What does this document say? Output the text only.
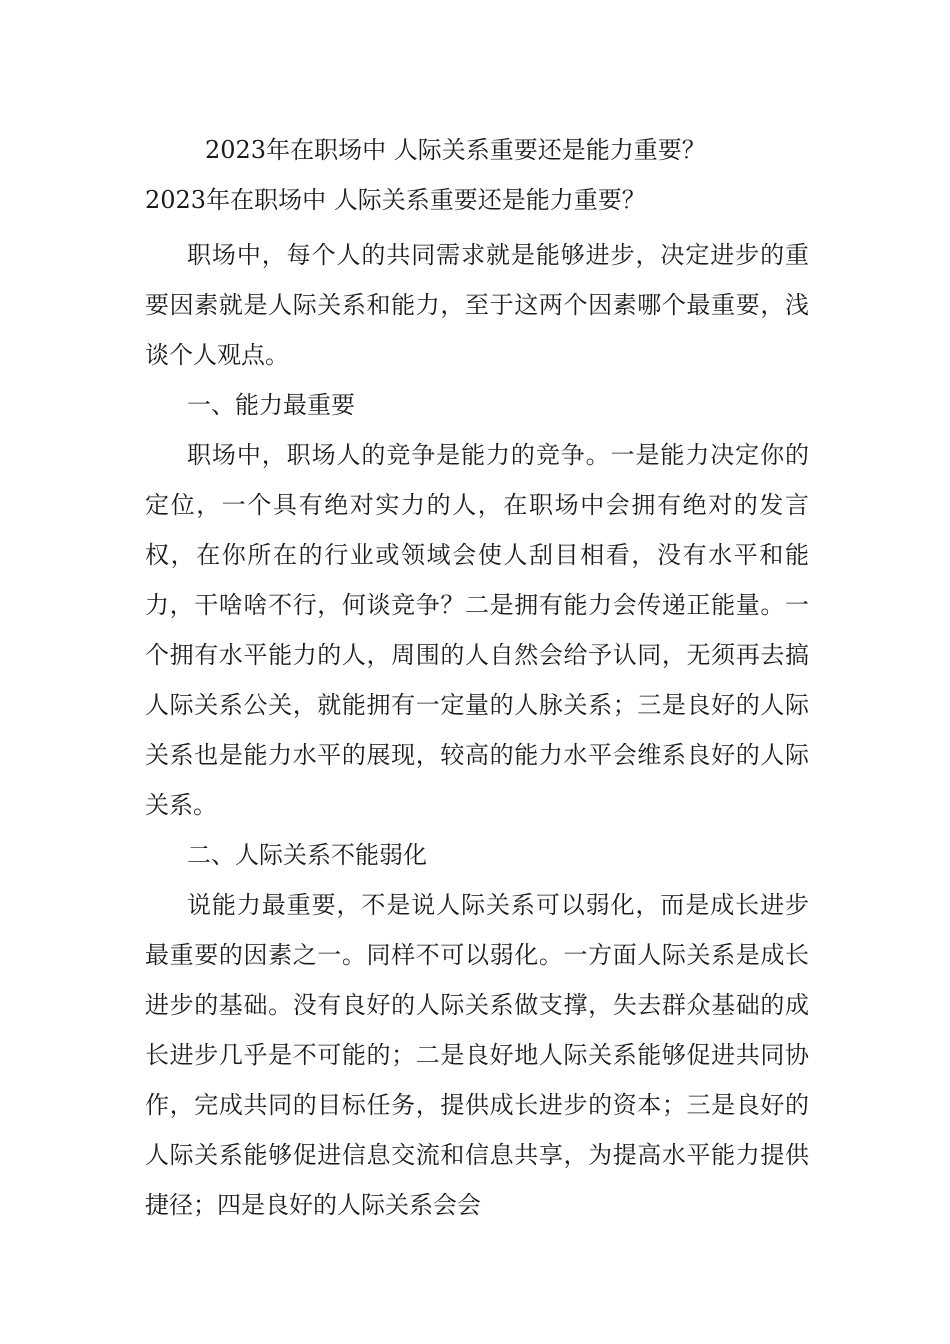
2023年在职场中 人际关系重要还是能力重要？

2023年在职场中 人际关系重要还是能力重要？

职场中，每个人的共同需求就是能够进步，决定进步的重要因素就是人际关系和能力，至于这两个因素哪个最重要，浅谈个人观点。

一、能力最重要

职场中，职场人的竞争是能力的竞争。一是能力决定你的定位，一个具有绝对实力的人，在职场中会拥有绝对的发言权，在你所在的行业或领域会使人刮目相看，没有水平和能力，干啥啥不行，何谈竞争？二是拥有能力会传递正能量。一个拥有水平能力的人，周围的人自然会给予认同，无须再去搞人际关系公关，就能拥有一定量的人脉关系；三是良好的人际关系也是能力水平的展现，较高的能力水平会维系良好的人际关系。

二、人际关系不能弱化

说能力最重要，不是说人际关系可以弱化，而是成长进步最重要的因素之一。同样不可以弱化。一方面人际关系是成长进步的基础。没有良好的人际关系做支撑，失去群众基础的成长进步几乎是不可能的；二是良好地人际关系能够促进共同协作，完成共同的目标任务，提供成长进步的资本；三是良好的人际关系能够促进信息交流和信息共享，为提高水平能力提供捷径；四是良好的人际关系会会
